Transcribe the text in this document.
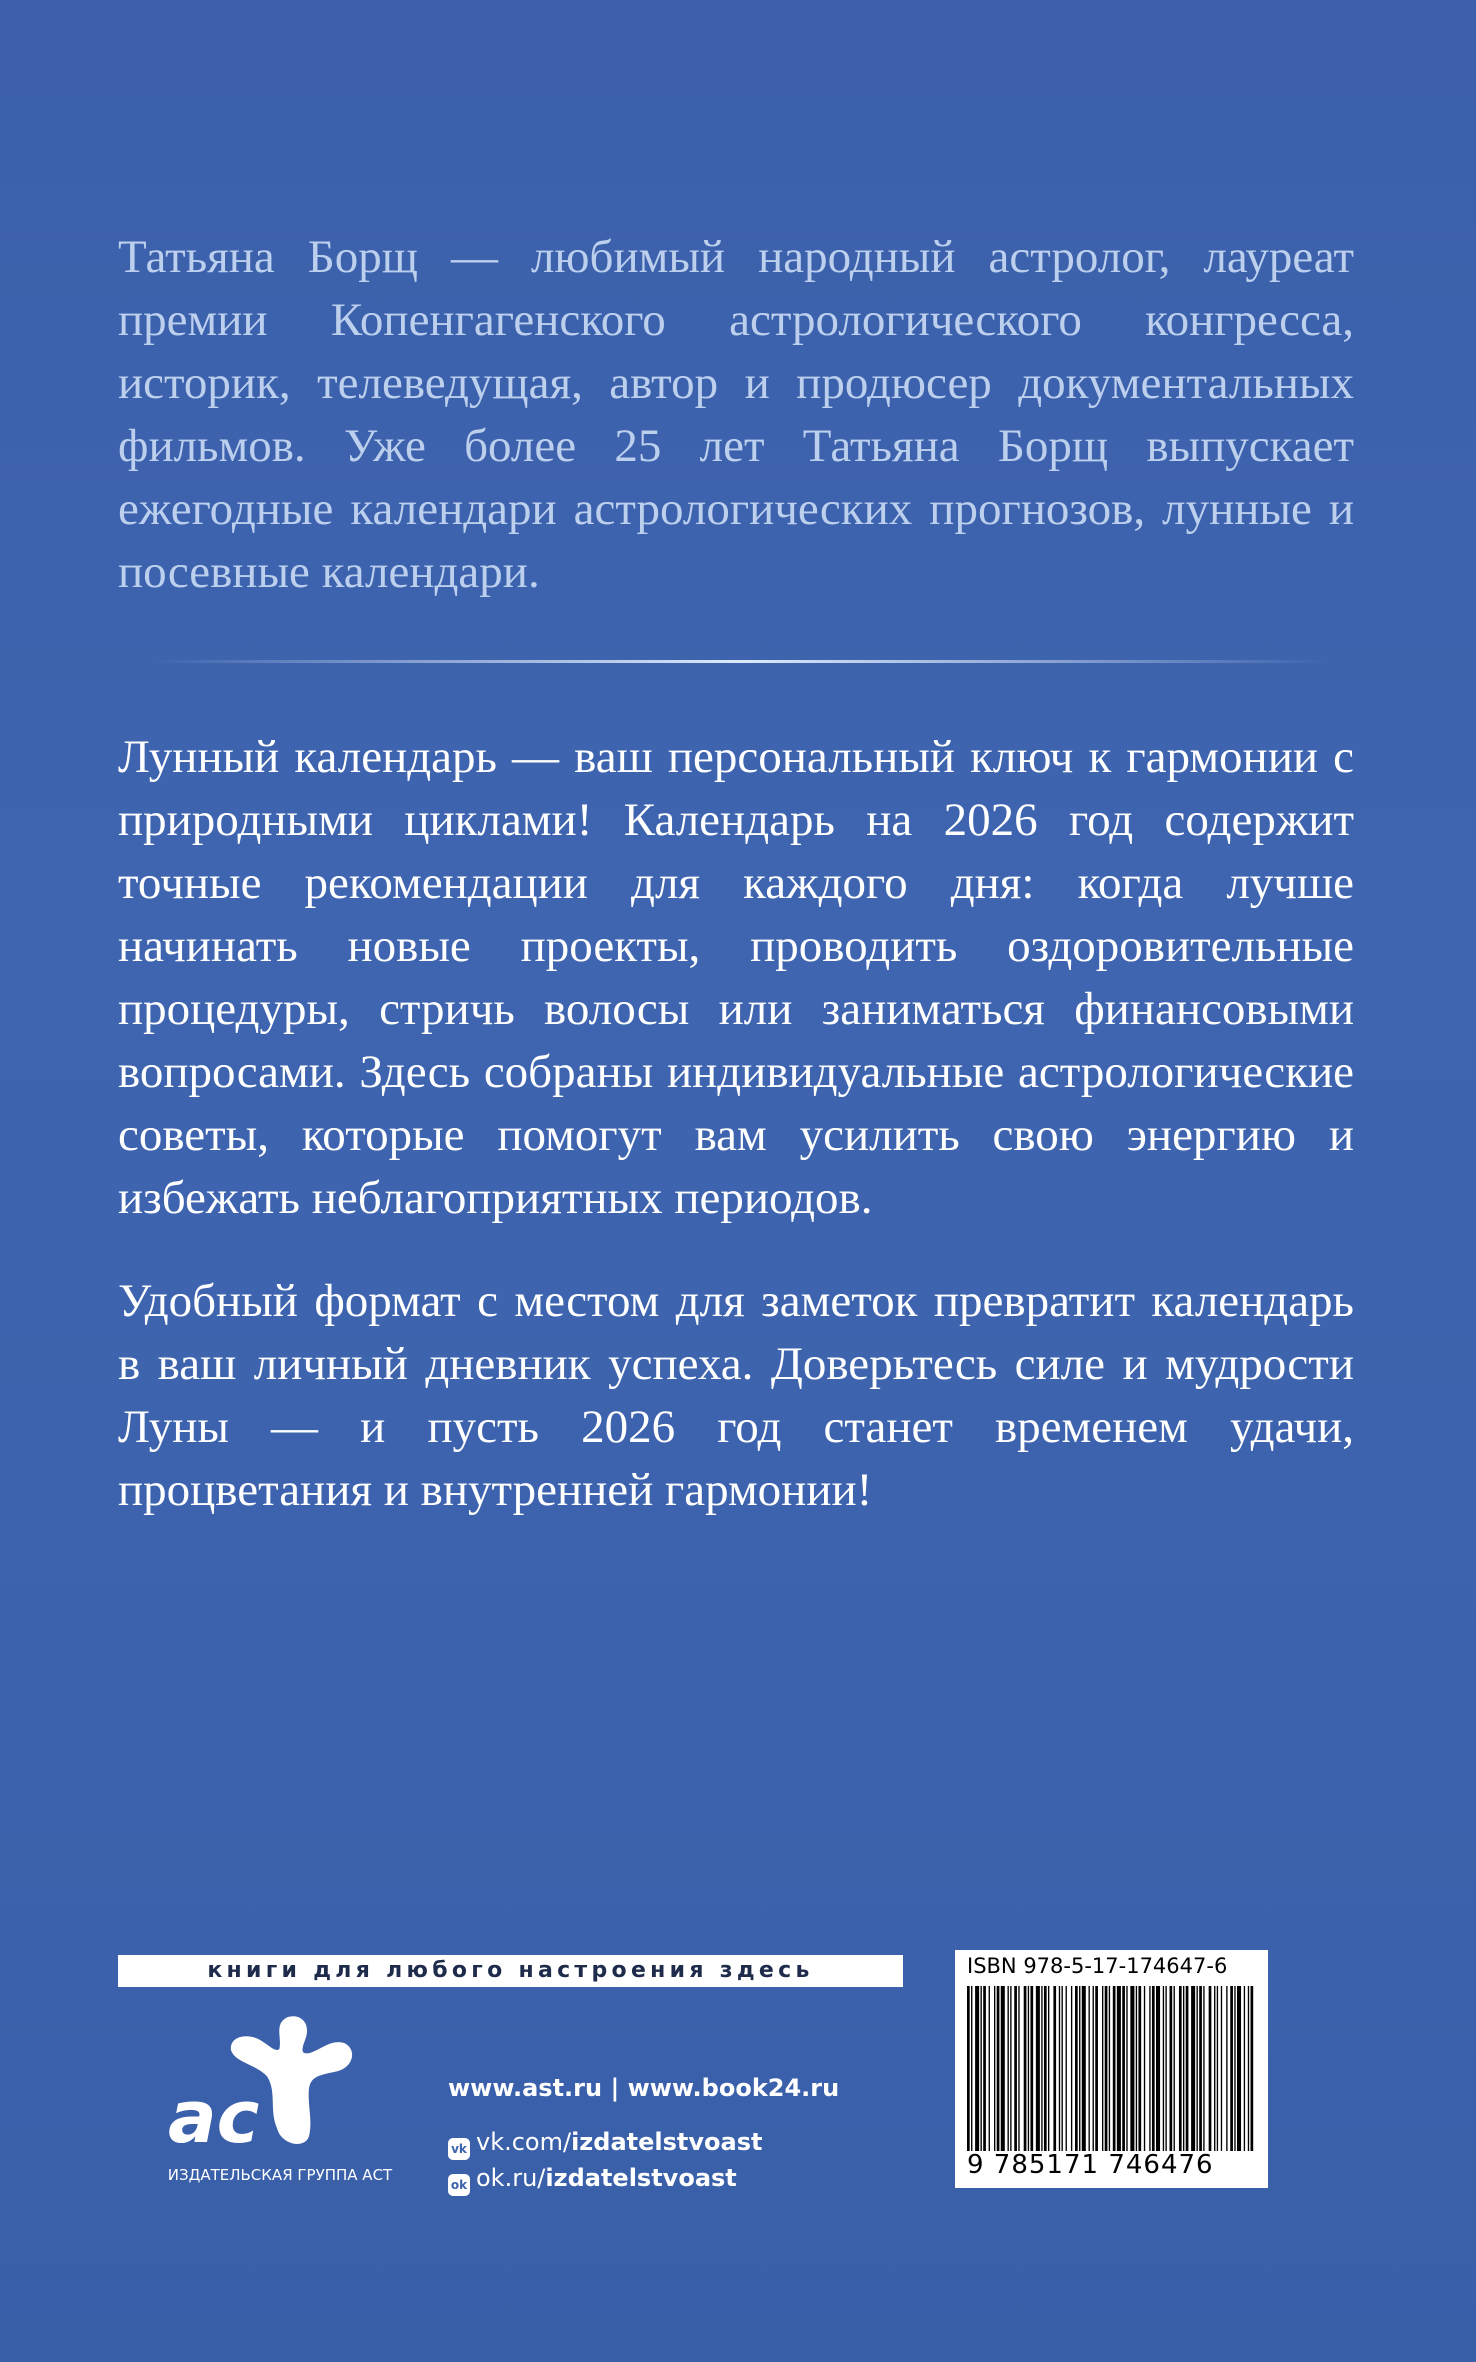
Татьяна Борщ — любимый народный астролог, лауреат премии Копенгагенского астрологического конгресса, историк, телеведущая, автор и продюсер документальных фильмов. Уже более 25 лет Татьяна Борщ выпускает ежегодные календари астрологических прогнозов, лунные и посевные календари.

Лунный календарь — ваш персональный ключ к гармонии с природными циклами! Календарь на 2026 год содержит точные рекомендации для каждого дня: когда лучше начинать новые проекты, проводить оздоровительные процедуры, стричь волосы или заниматься финансовыми вопросами. Здесь собраны индивидуальные астрологические советы, которые помогут вам усилить свою энергию и избежать неблагоприятных периодов.

Удобный формат с местом для заметок превратит календарь в ваш личный дневник успеха. Доверьтесь силе и мудрости Луны — и пусть 2026 год станет временем удачи, процветания и внутренней гармонии!

книги для любого настроения здесь
ac
ИЗДАТЕЛЬСКАЯ ГРУППА АСТ
www.ast.ru | www.book24.ru
vk vk.com/izdatelstvoast
ok ok.ru/izdatelstvoast
ISBN 978-5-17-174647-6
9 785171 746476
